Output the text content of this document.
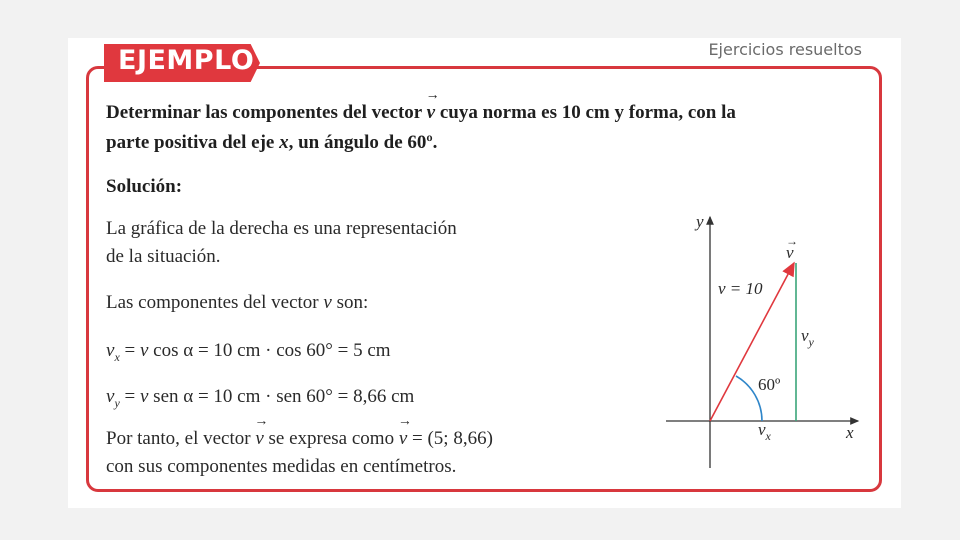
EJEMPLO	Ejercicios resueltos
Determinar las componentes del vector → v cuya norma es 10 cm y forma, con la
parte positiva del eje x, un ángulo de 60º.
Solución:
La gráfica de la derecha es una representación
de la situación.
Las componentes del vector v son:
$v_x = v$ cos α = 10 cm · cos 60° = 5 cm
$v_y = v$ sen α = 10 cm · sen 60° = 8,66 cm
Por tanto, el vector → v se expresa como → v = (5; 8,66)
con sus componentes medidas en centímetros.
y
x
v
→
v = 10
60º
$v_y$
$v_x$
